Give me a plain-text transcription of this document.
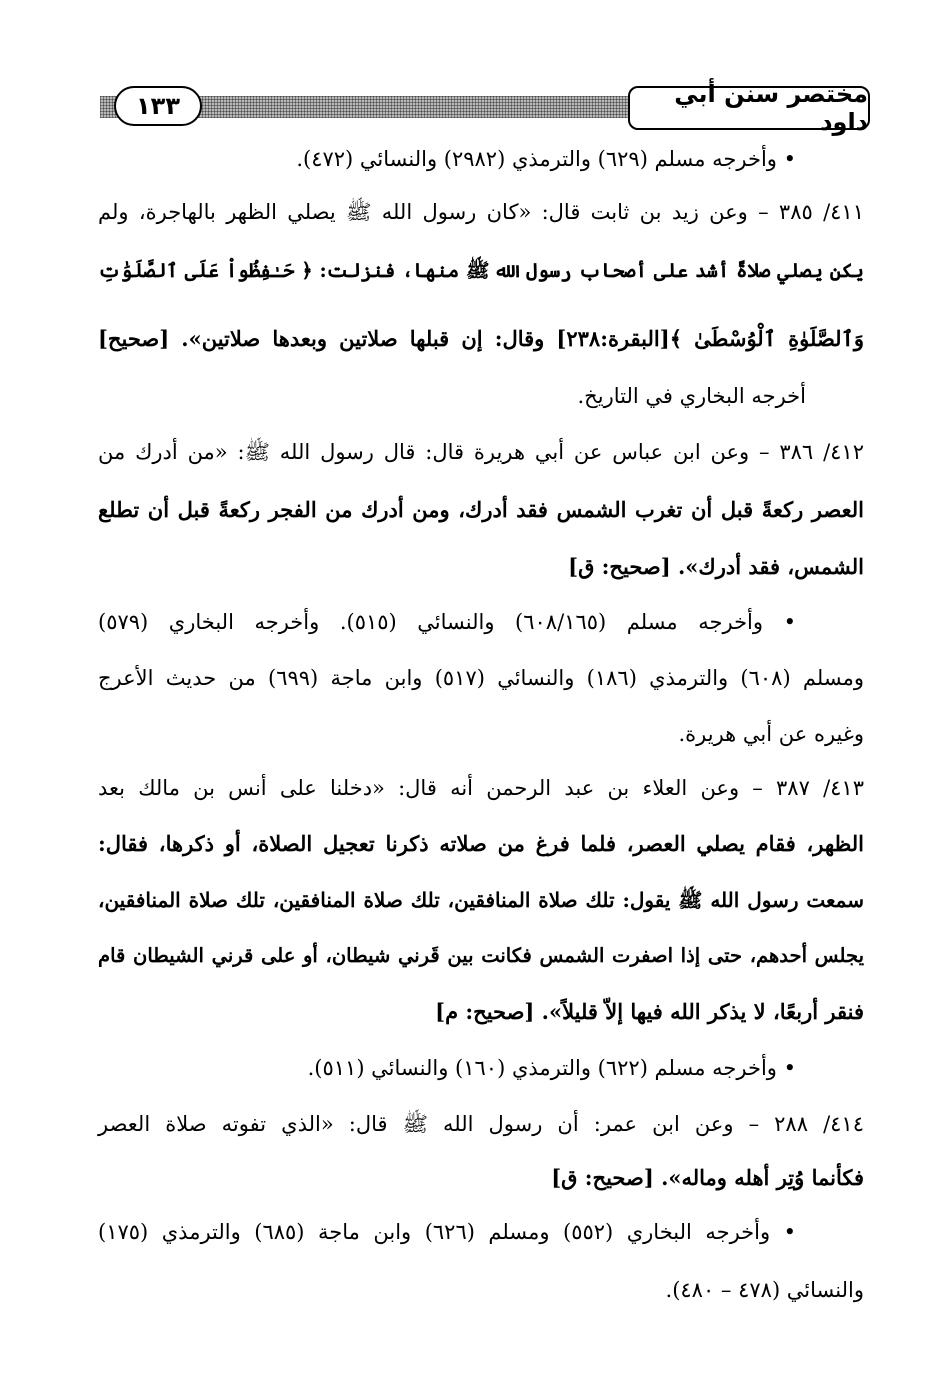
١٣٣	مختصر سنن أبي داود
• وأخرجه مسلم (٦٢٩) والترمذي (٢٩٨٢) والنسائي (٤٧٢).
٤١١/ ٣٨٥ – وعن زيد بن ثابت قال: «كان رسول الله ﷺ يصلي الظهر بالهاجرة، ولم
يكن يصلي صلاةً أشد على أصحاب رسول الله ﷺ منها، فنزلت: ﴿ حَـٰفِظُواْ عَلَى ٱلصَّلَوَٰتِ
وَٱلصَّلَوٰةِ ٱلْوُسْطَىٰ ﴾[البقرة:٢٣٨] وقال: إن قبلها صلاتين وبعدها صلاتين». [صحيح]
أخرجه البخاري في التاريخ.
٤١٢/ ٣٨٦ – وعن ابن عباس عن أبي هريرة قال: قال رسول الله ﷺ: «من أدرك من
العصر ركعةً قبل أن تغرب الشمس فقد أدرك، ومن أدرك من الفجر ركعةً قبل أن تطلع
الشمس، فقد أدرك». [صحيح: ق]
• وأخرجه مسلم (٦٠٨/١٦٥) والنسائي (٥١٥). وأخرجه البخاري (٥٧٩)
ومسلم (٦٠٨) والترمذي (١٨٦) والنسائي (٥١٧) وابن ماجة (٦٩٩) من حديث الأعرج
وغيره عن أبي هريرة.
٤١٣/ ٣٨٧ – وعن العلاء بن عبد الرحمن أنه قال: «دخلنا على أنس بن مالك بعد
الظهر، فقام يصلي العصر، فلما فرغ من صلاته ذكرنا تعجيل الصلاة، أو ذكرها، فقال:
سمعت رسول الله ﷺ يقول: تلك صلاة المنافقين، تلك صلاة المنافقين، تلك صلاة المنافقين،
يجلس أحدهم، حتى إذا اصفرت الشمس فكانت بين قَرني شيطان، أو على قرني الشيطان قام
فنقر أربعًا، لا يذكر الله فيها إلاّ قليلاً». [صحيح: م]
• وأخرجه مسلم (٦٢٢) والترمذي (١٦٠) والنسائي (٥١١).
٤١٤/ ٢٨٨ – وعن ابن عمر: أن رسول الله ﷺ قال: «الذي تفوته صلاة العصر
فكأنما وُتِر أهله وماله». [صحيح: ق]
• وأخرجه البخاري (٥٥٢) ومسلم (٦٢٦) وابن ماجة (٦٨٥) والترمذي (١٧٥)
والنسائي (٤٧٨ – ٤٨٠).
